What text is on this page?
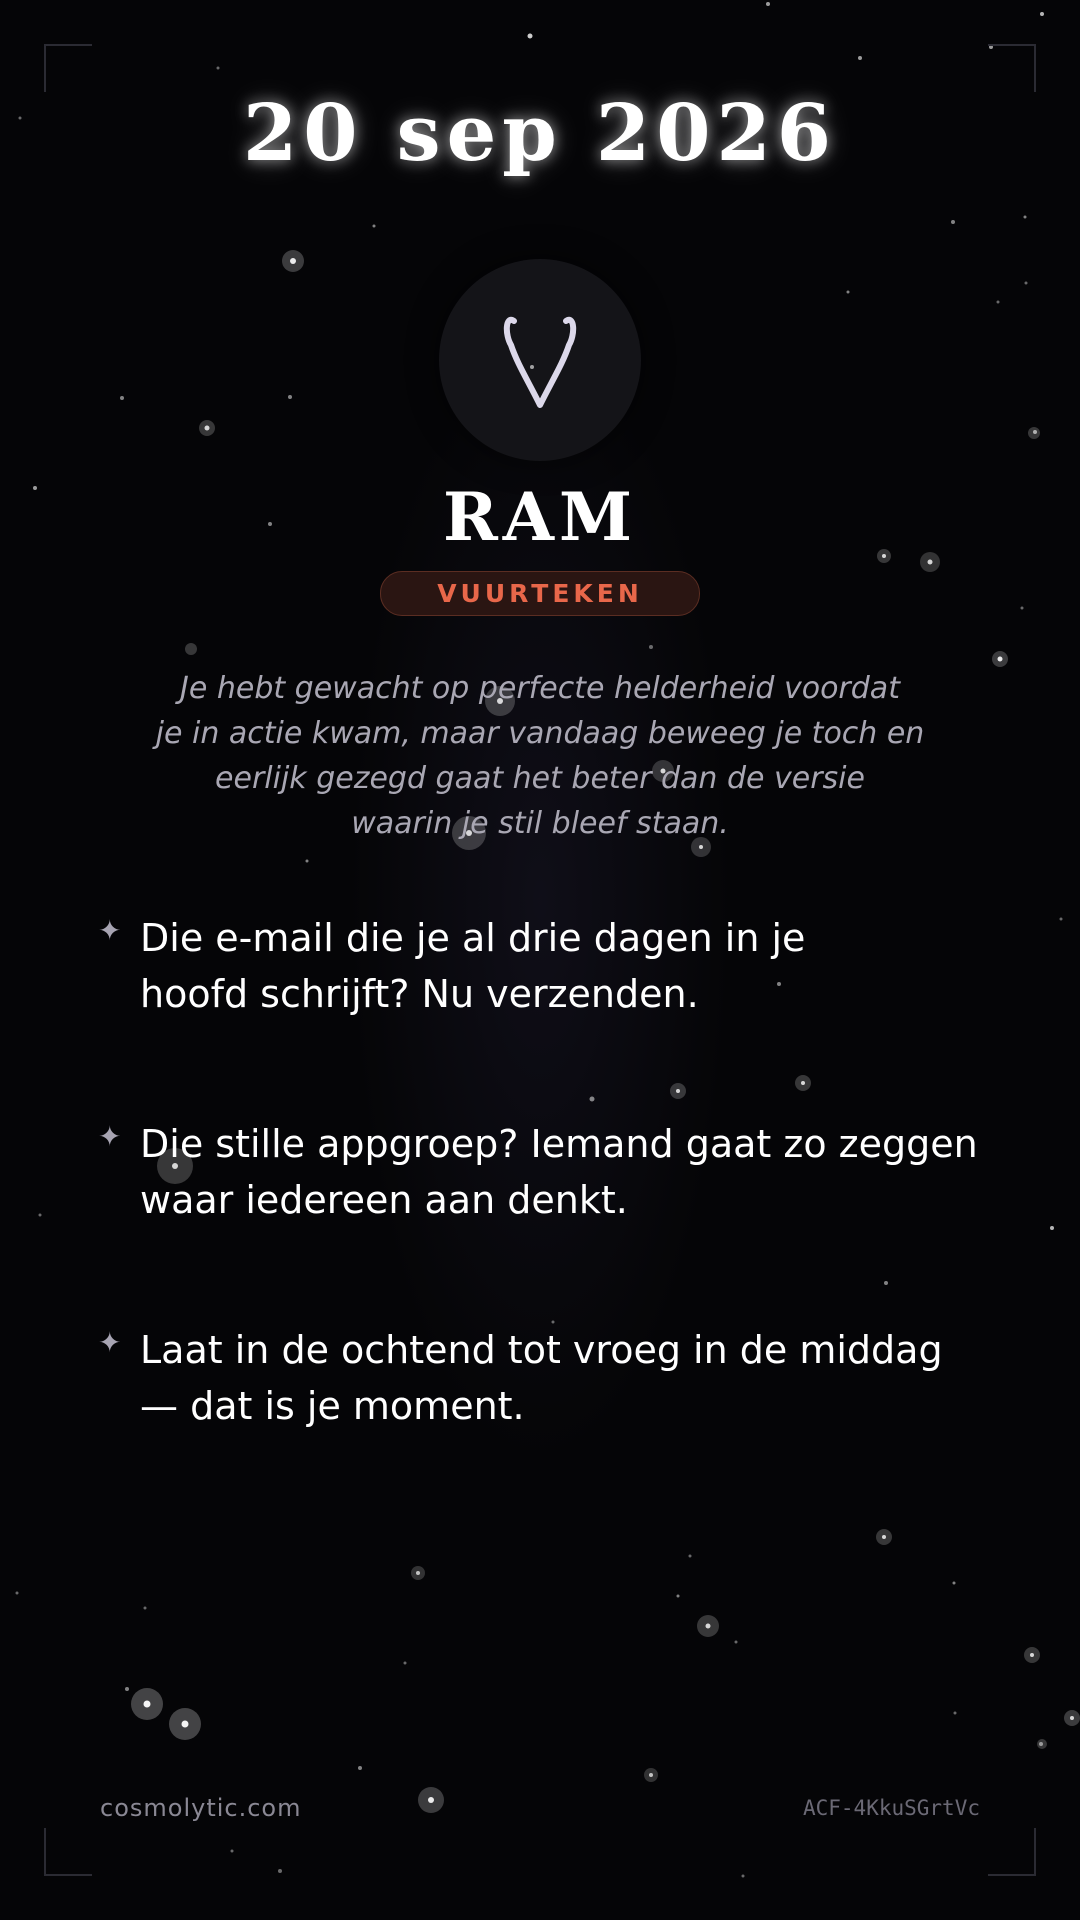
20 sep 2026
RAM
VUURTEKEN
Je hebt gewacht op perfecte helderheid voordat
je in actie kwam, maar vandaag beweeg je toch en
eerlijk gezegd gaat het beter dan de versie
waarin je stil bleef staan.
✦ Die e-mail die je al drie dagen in je
hoofd schrijft? Nu verzenden.
✦ Die stille appgroep? Iemand gaat zo zeggen
waar iedereen aan denkt.
✦ Laat in de ochtend tot vroeg in de middag
— dat is je moment.
cosmolytic.com	ACF-4KkuSGrtVc
